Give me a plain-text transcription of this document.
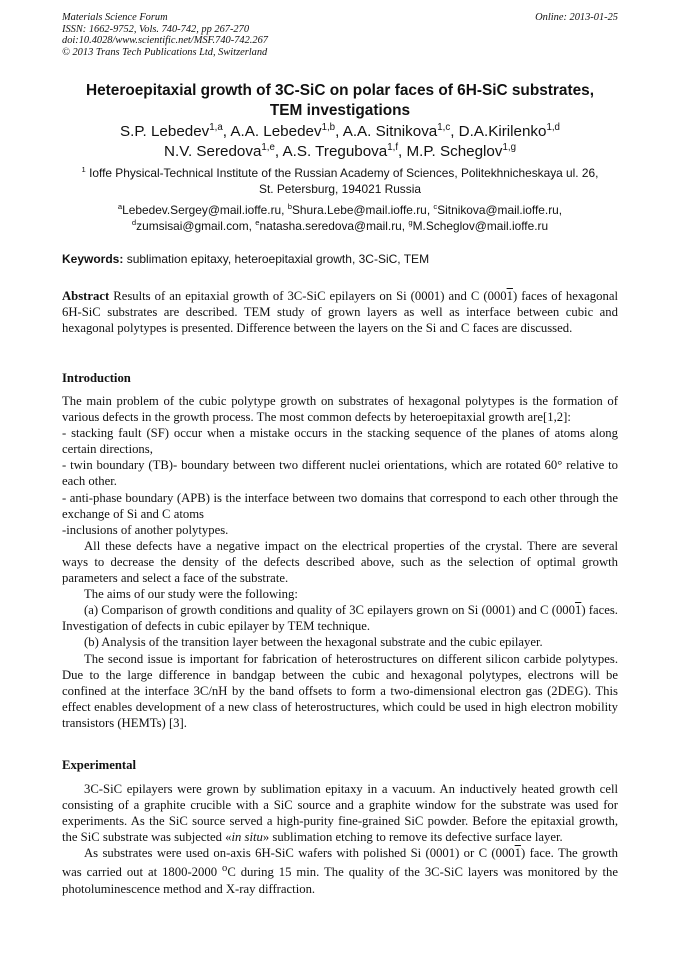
Materials Science Forum
ISSN: 1662-9752, Vols. 740-742, pp 267-270
doi:10.4028/www.scientific.net/MSF.740-742.267
© 2013 Trans Tech Publications Ltd, Switzerland
Online: 2013-01-25
Heteroepitaxial growth of 3C-SiC on polar faces of 6H-SiC substrates,
TEM investigations
S.P. Lebedev$^{1,a}$, A.A. Lebedev$^{1,b}$, A.A. Sitnikova$^{1,c}$, D.A.Kirilenko$^{1,d}$
N.V. Seredova$^{1,e}$, A.S. Tregubova$^{1,f}$, M.P. Scheglov$^{1,g}$
$^1$ Ioffe Physical-Technical Institute of the Russian Academy of Sciences, Politekhnicheskaya ul. 26,
St. Petersburg, 194021 Russia
$^a$Lebedev.Sergey@mail.ioffe.ru, $^b$Shura.Lebe@mail.ioffe.ru, $^c$Sitnikova@mail.ioffe.ru,
$^d$zumsisai@gmail.com, $^e$natasha.seredova@mail.ru, $^g$M.Scheglov@mail.ioffe.ru
Keywords: sublimation epitaxy, heteroepitaxial growth, 3C-SiC, TEM

Abstract Results of an epitaxial growth of 3C-SiC epilayers on Si (0001) and C (0001) faces of hexagonal 6H-SiC substrates are described. TEM study of grown layers as well as interface between cubic and hexagonal polytypes is presented. Difference between the layers on the Si and C faces are discussed.

Introduction

The main problem of the cubic polytype growth on substrates of hexagonal polytypes is the formation of various defects in the growth process. The most common defects by heteroepitaxial growth are[1,2]:

- stacking fault (SF) occur when a mistake occurs in the stacking sequence of the planes of atoms along certain directions,

- twin boundary (TB)- boundary between two different nuclei orientations, which are rotated 60° relative to each other.

- anti-phase boundary (APB) is the interface between two domains that correspond to each other through the exchange of Si and C atoms

-inclusions of another polytypes.

All these defects have a negative impact on the electrical properties of the crystal. There are several ways to decrease the density of the defects described above, such as the selection of optimal growth parameters and select a face of the substrate.

The aims of our study were the following:

(a) Comparison of growth conditions and quality of 3C epilayers grown on Si (0001) and C (0001) faces. Investigation of defects in cubic epilayer by TEM technique.

(b) Analysis of the transition layer between the hexagonal substrate and the cubic epilayer.

The second issue is important for fabrication of heterostructures on different silicon carbide polytypes. Due to the large difference in bandgap between the cubic and hexagonal polytypes, electrons will be confined at the interface 3C/nH by the band offsets to form a two-dimensional electron gas (2DEG). This effect enables development of a new class of heterostructures, which could be used in high electron mobility transistors (HEMTs) [3].

Experimental

3C-SiC epilayers were grown by sublimation epitaxy in a vacuum. An inductively heated growth cell consisting of a graphite crucible with a SiC source and a graphite window for the substrate was used for experiments. As the SiC source served a high-purity fine-grained SiC powder. Before the epitaxial growth, the SiC substrate was subjected «in situ» sublimation etching to remove its defective surface layer.

As substrates were used on-axis 6H-SiC wafers with polished Si (0001) or C (0001) face. The growth was carried out at 1800-2000 $^o$C during 15 min. The quality of the 3C-SiC layers was monitored by the photoluminescence method and X-ray diffraction.
